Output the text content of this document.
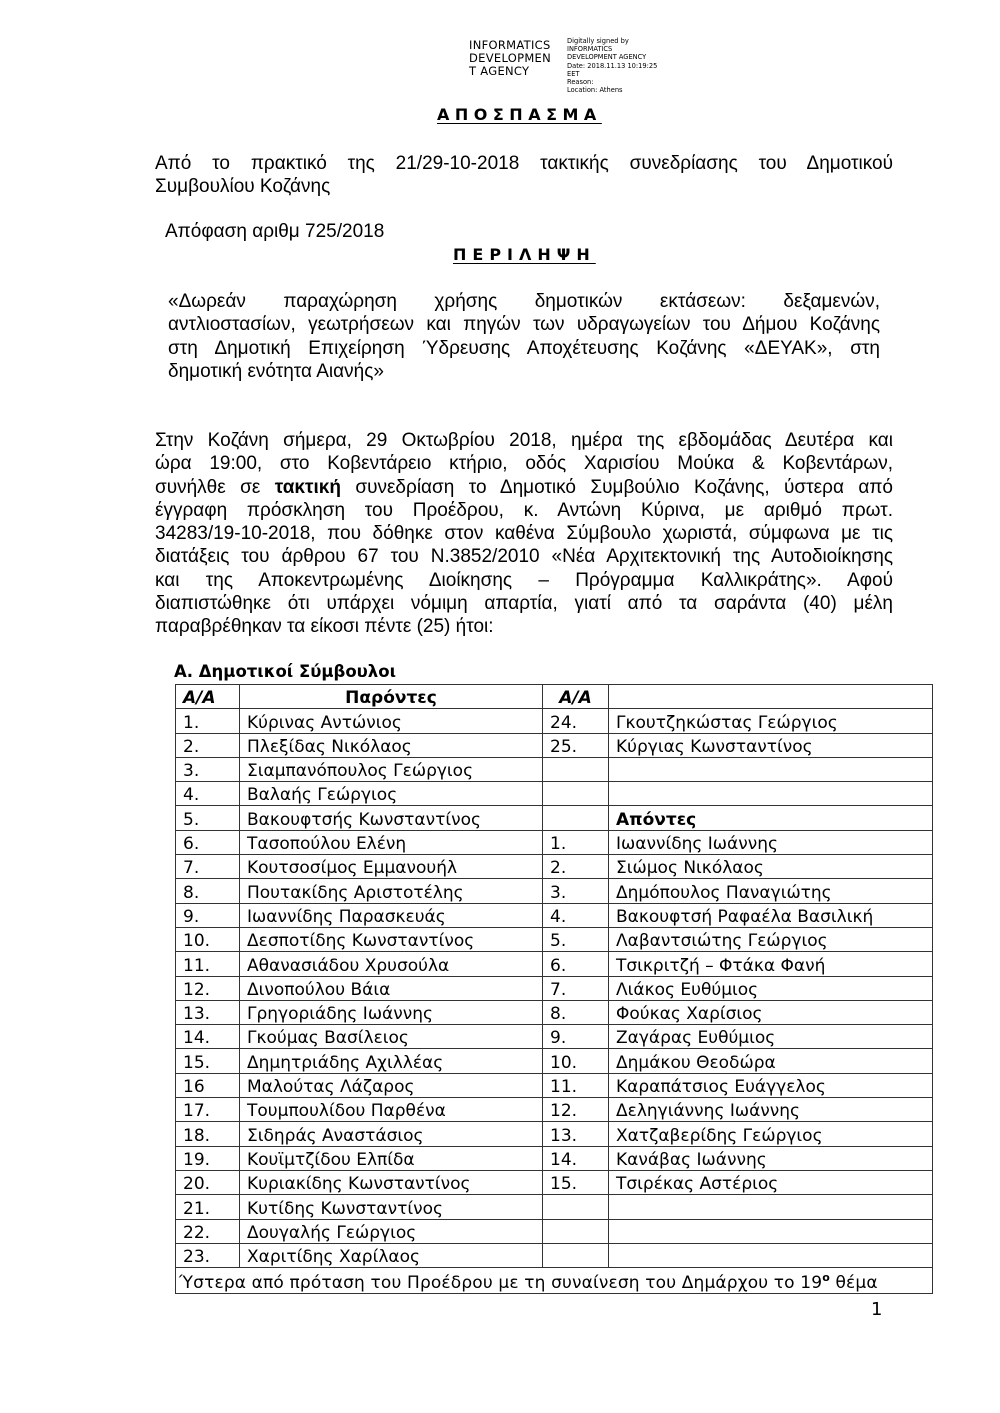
INFORMATICS
DEVELOPMEN
T AGENCY
Digitally signed by
INFORMATICS
DEVELOPMENT AGENCY
Date: 2018.11.13 10:19:25
EET
Reason:
Location: Athens
ΑΠΟΣΠΑΣΜΑ
Από το πρακτικό της 21/29-10-2018 τακτικής συνεδρίασης του Δημοτικού
Συμβουλίου Κοζάνης
Απόφαση αριθμ 725/2018
ΠΕΡΙΛΗΨΗ
«Δωρεάν παραχώρηση χρήσης δημοτικών εκτάσεων: δεξαμενών,
αντλιοστασίων, γεωτρήσεων και πηγών των υδραγωγείων του Δήμου Κοζάνης
στη Δημοτική Επιχείρηση Ύδρευσης Αποχέτευσης Κοζάνης «ΔΕΥΑΚ», στη
δημοτική ενότητα Αιανής»
Στην Κοζάνη σήμερα, 29 Οκτωβρίου 2018, ημέρα της εβδομάδας Δευτέρα και
ώρα 19:00, στο Κοβεντάρειο κτήριο, οδός Χαρισίου Μούκα & Κοβεντάρων,
συνήλθε σε τακτική συνεδρίαση το Δημοτικό Συμβούλιο Κοζάνης, ύστερα από
έγγραφη πρόσκληση του Προέδρου, κ. Αντώνη Κύρινα, με αριθμό πρωτ.
34283/19-10-2018, που δόθηκε στον καθένα Σύμβουλο χωριστά, σύμφωνα με τις
διατάξεις του άρθρου 67 του Ν.3852/2010 «Νέα Αρχιτεκτονική της Αυτοδιοίκησης
και της Αποκεντρωμένης Διοίκησης – Πρόγραμμα Καλλικράτης». Αφού
διαπιστώθηκε ότι υπάρχει νόμιμη απαρτία, γιατί από τα σαράντα (40) μέλη
παραβρέθηκαν τα είκοσι πέντε (25) ήτοι:
Α. Δημοτικοί Σύμβουλοι
Α/Α	Παρόντες	Α/Α	
1.	Κύρινας Αντώνιος	24.	Γκουτζηκώστας Γεώργιος
2.	Πλεξίδας Νικόλαος	25.	Κύργιας Κωνσταντίνος
3.	Σιαμπανόπουλος Γεώργιος		
4.	Βαλαής Γεώργιος		
5.	Βακουφτσής Κωνσταντίνος		Απόντες
6.	Τασοπούλου Ελένη	1.	Ιωαννίδης Ιωάννης
7.	Κουτσοσίμος Εμμανουήλ	2.	Σιώμος Νικόλαος
8.	Πουτακίδης Αριστοτέλης	3.	Δημόπουλος Παναγιώτης
9.	Ιωαννίδης Παρασκευάς	4.	Βακουφτσή Ραφαέλα Βασιλική
10.	Δεσποτίδης Κωνσταντίνος	5.	Λαβαντσιώτης Γεώργιος
11.	Αθανασιάδου Χρυσούλα	6.	Τσικριτζή – Φτάκα Φανή
12.	Δινοπούλου Βάια	7.	Λιάκος Ευθύμιος
13.	Γρηγοριάδης Ιωάννης	8.	Φούκας Χαρίσιος
14.	Γκούμας Βασίλειος	9.	Ζαγάρας Ευθύμιος
15.	Δημητριάδης Αχιλλέας	10.	Δημάκου Θεοδώρα
16	Μαλούτας Λάζαρος	11.	Καραπάτσιος Ευάγγελος
17.	Τουμπουλίδου Παρθένα	12.	Δεληγιάννης Ιωάννης
18.	Σιδηράς Αναστάσιος	13.	Χατζαβερίδης Γεώργιος
19.	Κουϊμτζίδου Ελπίδα	14.	Κανάβας Ιωάννης
20.	Κυριακίδης Κωνσταντίνος	15.	Τσιρέκας Αστέριος
21.	Κυτίδης Κωνσταντίνος		
22.	Δουγαλής Γεώργιος		
23.	Χαριτίδης Χαρίλαος		
Ύστερα από πρόταση του Προέδρου με τη συναίνεση του Δημάρχου το $19^o$ θέμα			
1
